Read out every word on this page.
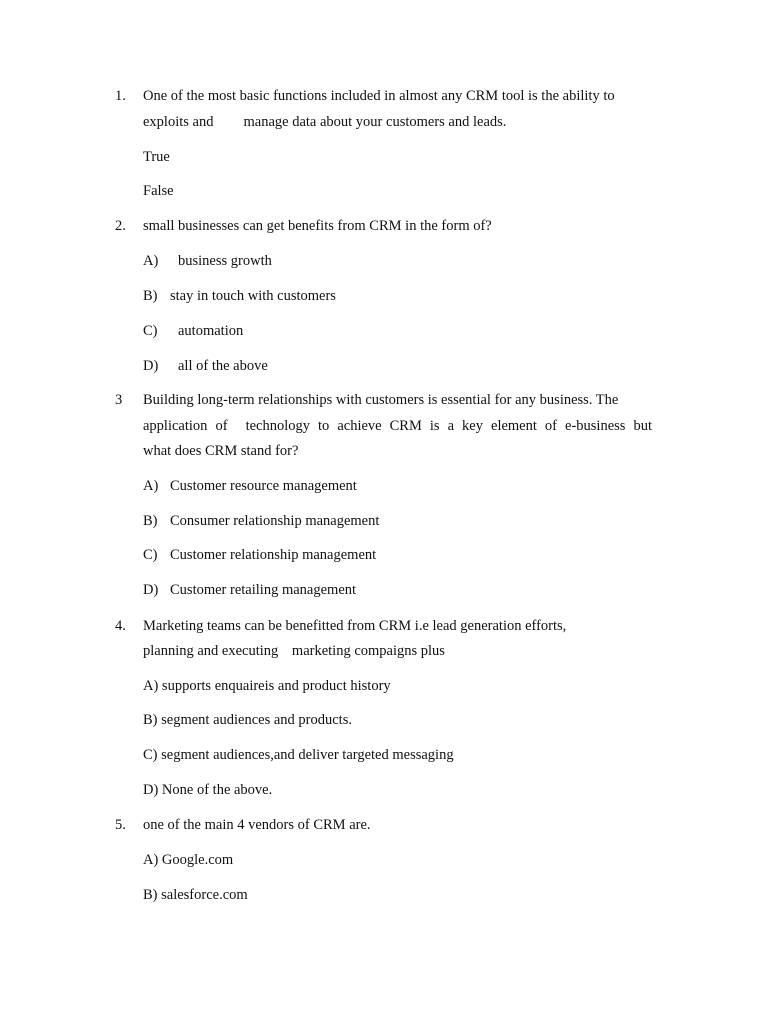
1. One of the most basic functions included in almost any CRM tool is the ability to
exploits and manage data about your customers and leads.
True
False
2. small businesses can get benefits from CRM in the form of?
A) business growth
B) stay in touch with customers
C) automation
D) all of the above
3 Building long-term relationships with customers is essential for any business. The
application of technology to achieve CRM is a key element of e-business but
what does CRM stand for?
A) Customer resource management
B) Consumer relationship management
C) Customer relationship management
D) Customer retailing management
4. Marketing teams can be benefitted from CRM i.e lead generation efforts,
planning and executing marketing compaigns plus
A) supports enquaireis and product history
B) segment audiences and products.
C) segment audiences,and deliver targeted messaging
D) None of the above.
5. one of the main 4 vendors of CRM are.
A) Google.com
B) salesforce.com
